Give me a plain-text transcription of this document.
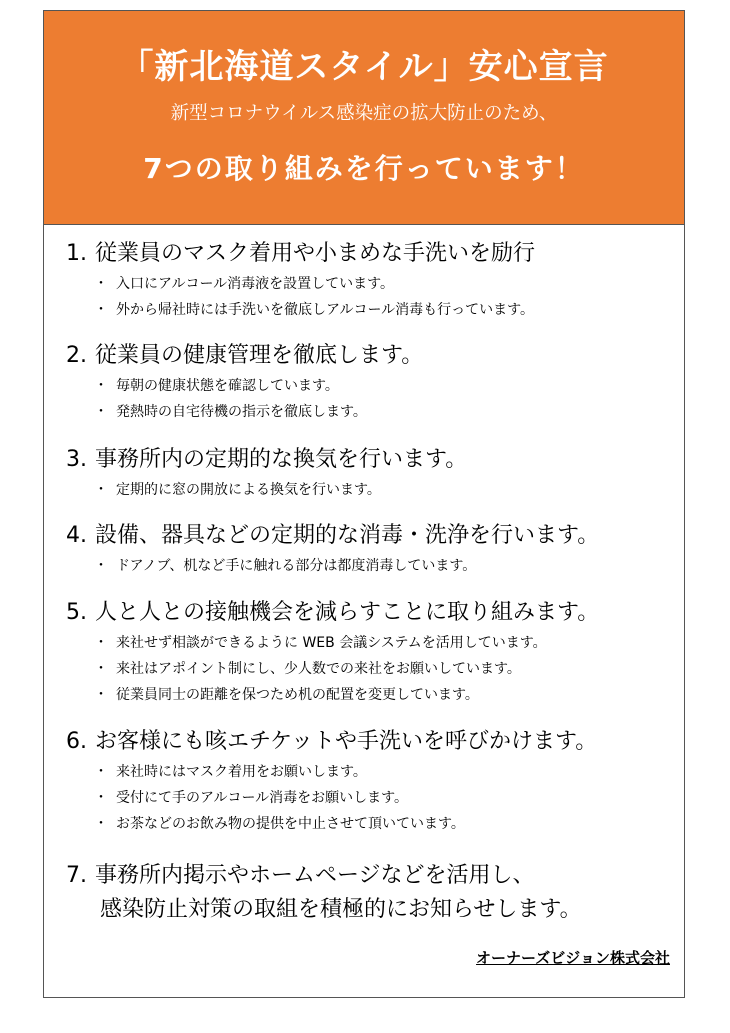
「新北海道スタイル」安心宣言
新型コロナウイルス感染症の拡大防止のため、
7つの取り組みを行っています！
1. 従業員のマスク着用や小まめな手洗いを励行
・ 入口にアルコール消毒液を設置しています。
・ 外から帰社時には手洗いを徹底しアルコール消毒も行っています。
2. 従業員の健康管理を徹底します。
・ 毎朝の健康状態を確認しています。
・ 発熱時の自宅待機の指示を徹底します。
3. 事務所内の定期的な換気を行います。
・ 定期的に窓の開放による換気を行います。
4. 設備、器具などの定期的な消毒・洗浄を行います。
・ ドアノブ、机など手に触れる部分は都度消毒しています。
5. 人と人との接触機会を減らすことに取り組みます。
・ 来社せず相談ができるように WEB 会議システムを活用しています。
・ 来社はアポイント制にし、少人数での来社をお願いしています。
・ 従業員同士の距離を保つため机の配置を変更しています。
6. お客様にも咳エチケットや手洗いを呼びかけます。
・ 来社時にはマスク着用をお願いします。
・ 受付にて手のアルコール消毒をお願いします。
・ お茶などのお飲み物の提供を中止させて頂いています。
7. 事務所内掲示やホームページなどを活用し、
感染防止対策の取組を積極的にお知らせします。
オーナーズビジョン株式会社
